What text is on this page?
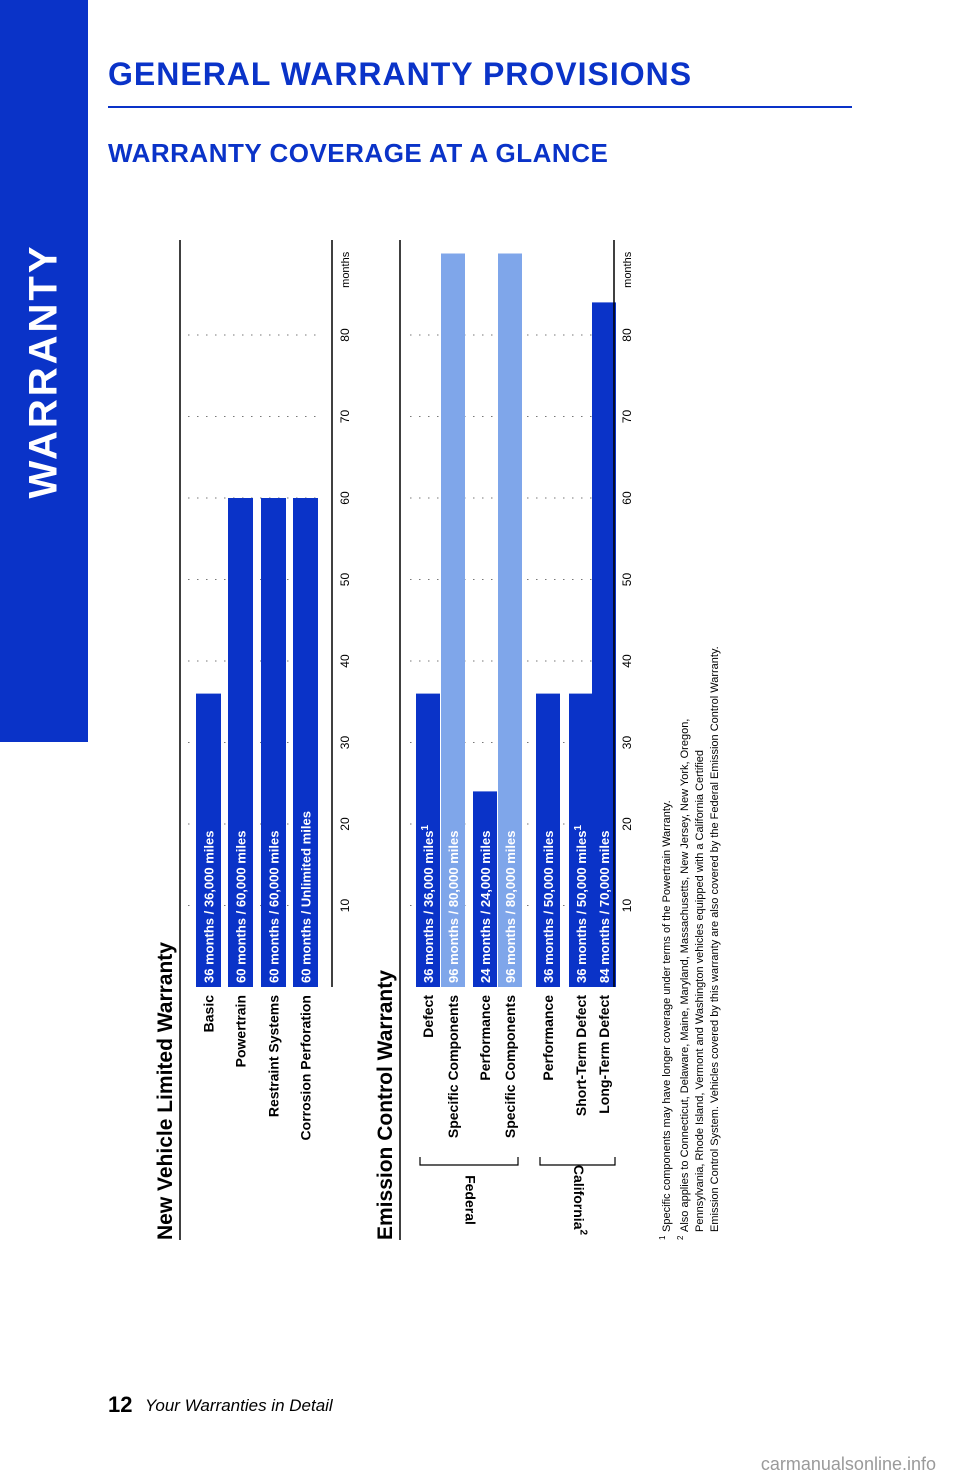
WARRANTY
GENERAL WARRANTY PROVISIONS
WARRANTY COVERAGE AT A GLANCE
New Vehicle Limited Warranty
36 months / 36,000 miles
Basic
60 months / 60,000 miles
Powertrain
60 months / 60,000 miles
Restraint Systems
60 months / Unlimited miles
Corrosion Perforation
10
20
30
40
50
60
70
80
months
Emission Control Warranty
36 months / 36,000 miles$^1$
Defect
96 months / 80,000 miles
Specific Components
24 months / 24,000 miles
Performance
96 months / 80,000 miles
Specific Components
36 months / 50,000 miles
Performance
36 months / 50,000 miles$^1$
Short-Term Defect
84 months / 70,000 miles
Long-Term Defect
10
20
30
40
50
60
70
80
months
Federal	California$^2$
Specific components may have longer coverage under terms of the Powertrain Warranty.
1
Also applies to Connecticut, Delaware, Maine, Maryland, Massachusetts, New Jersey, New York, Oregon,
2
Pennsylvania, Rhode Island, Vermont and Washington vehicles equipped with a California Certified Emission Control System. Vehicles covered by this warranty are also covered by the Federal Emission Control Warranty.
12 Your Warranties in Detail
carmanualsonline.info
